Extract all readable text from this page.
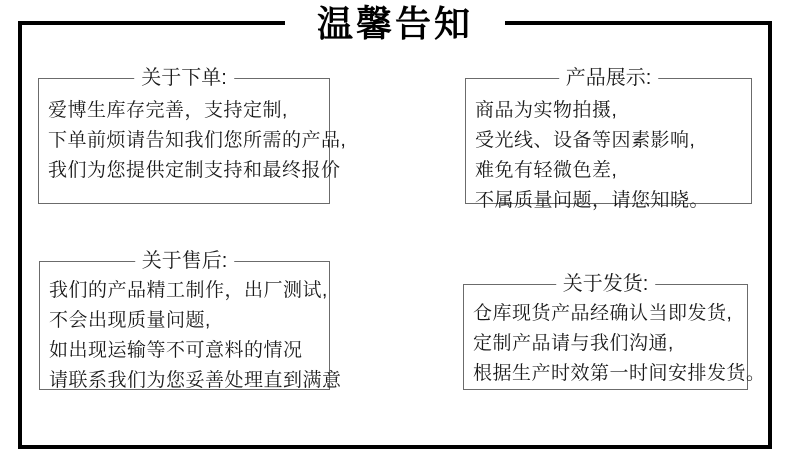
温馨告知
关于下单:
爱博生库存完善，支持定制,
下单前烦请告知我们您所需的产品,
我们为您提供定制支持和最终报价
产品展示:
商品为实物拍摄,
受光线、设备等因素影响,
难免有轻微色差,
不属质量问题，请您知晓。
关于售后:
我们的产品精工制作，出厂测试,
不会出现质量问题,
如出现运输等不可意料的情况
请联系我们为您妥善处理直到满意
关于发货:
仓库现货产品经确认当即发货,
定制产品请与我们沟通,
根据生产时效第一时间安排发货。
